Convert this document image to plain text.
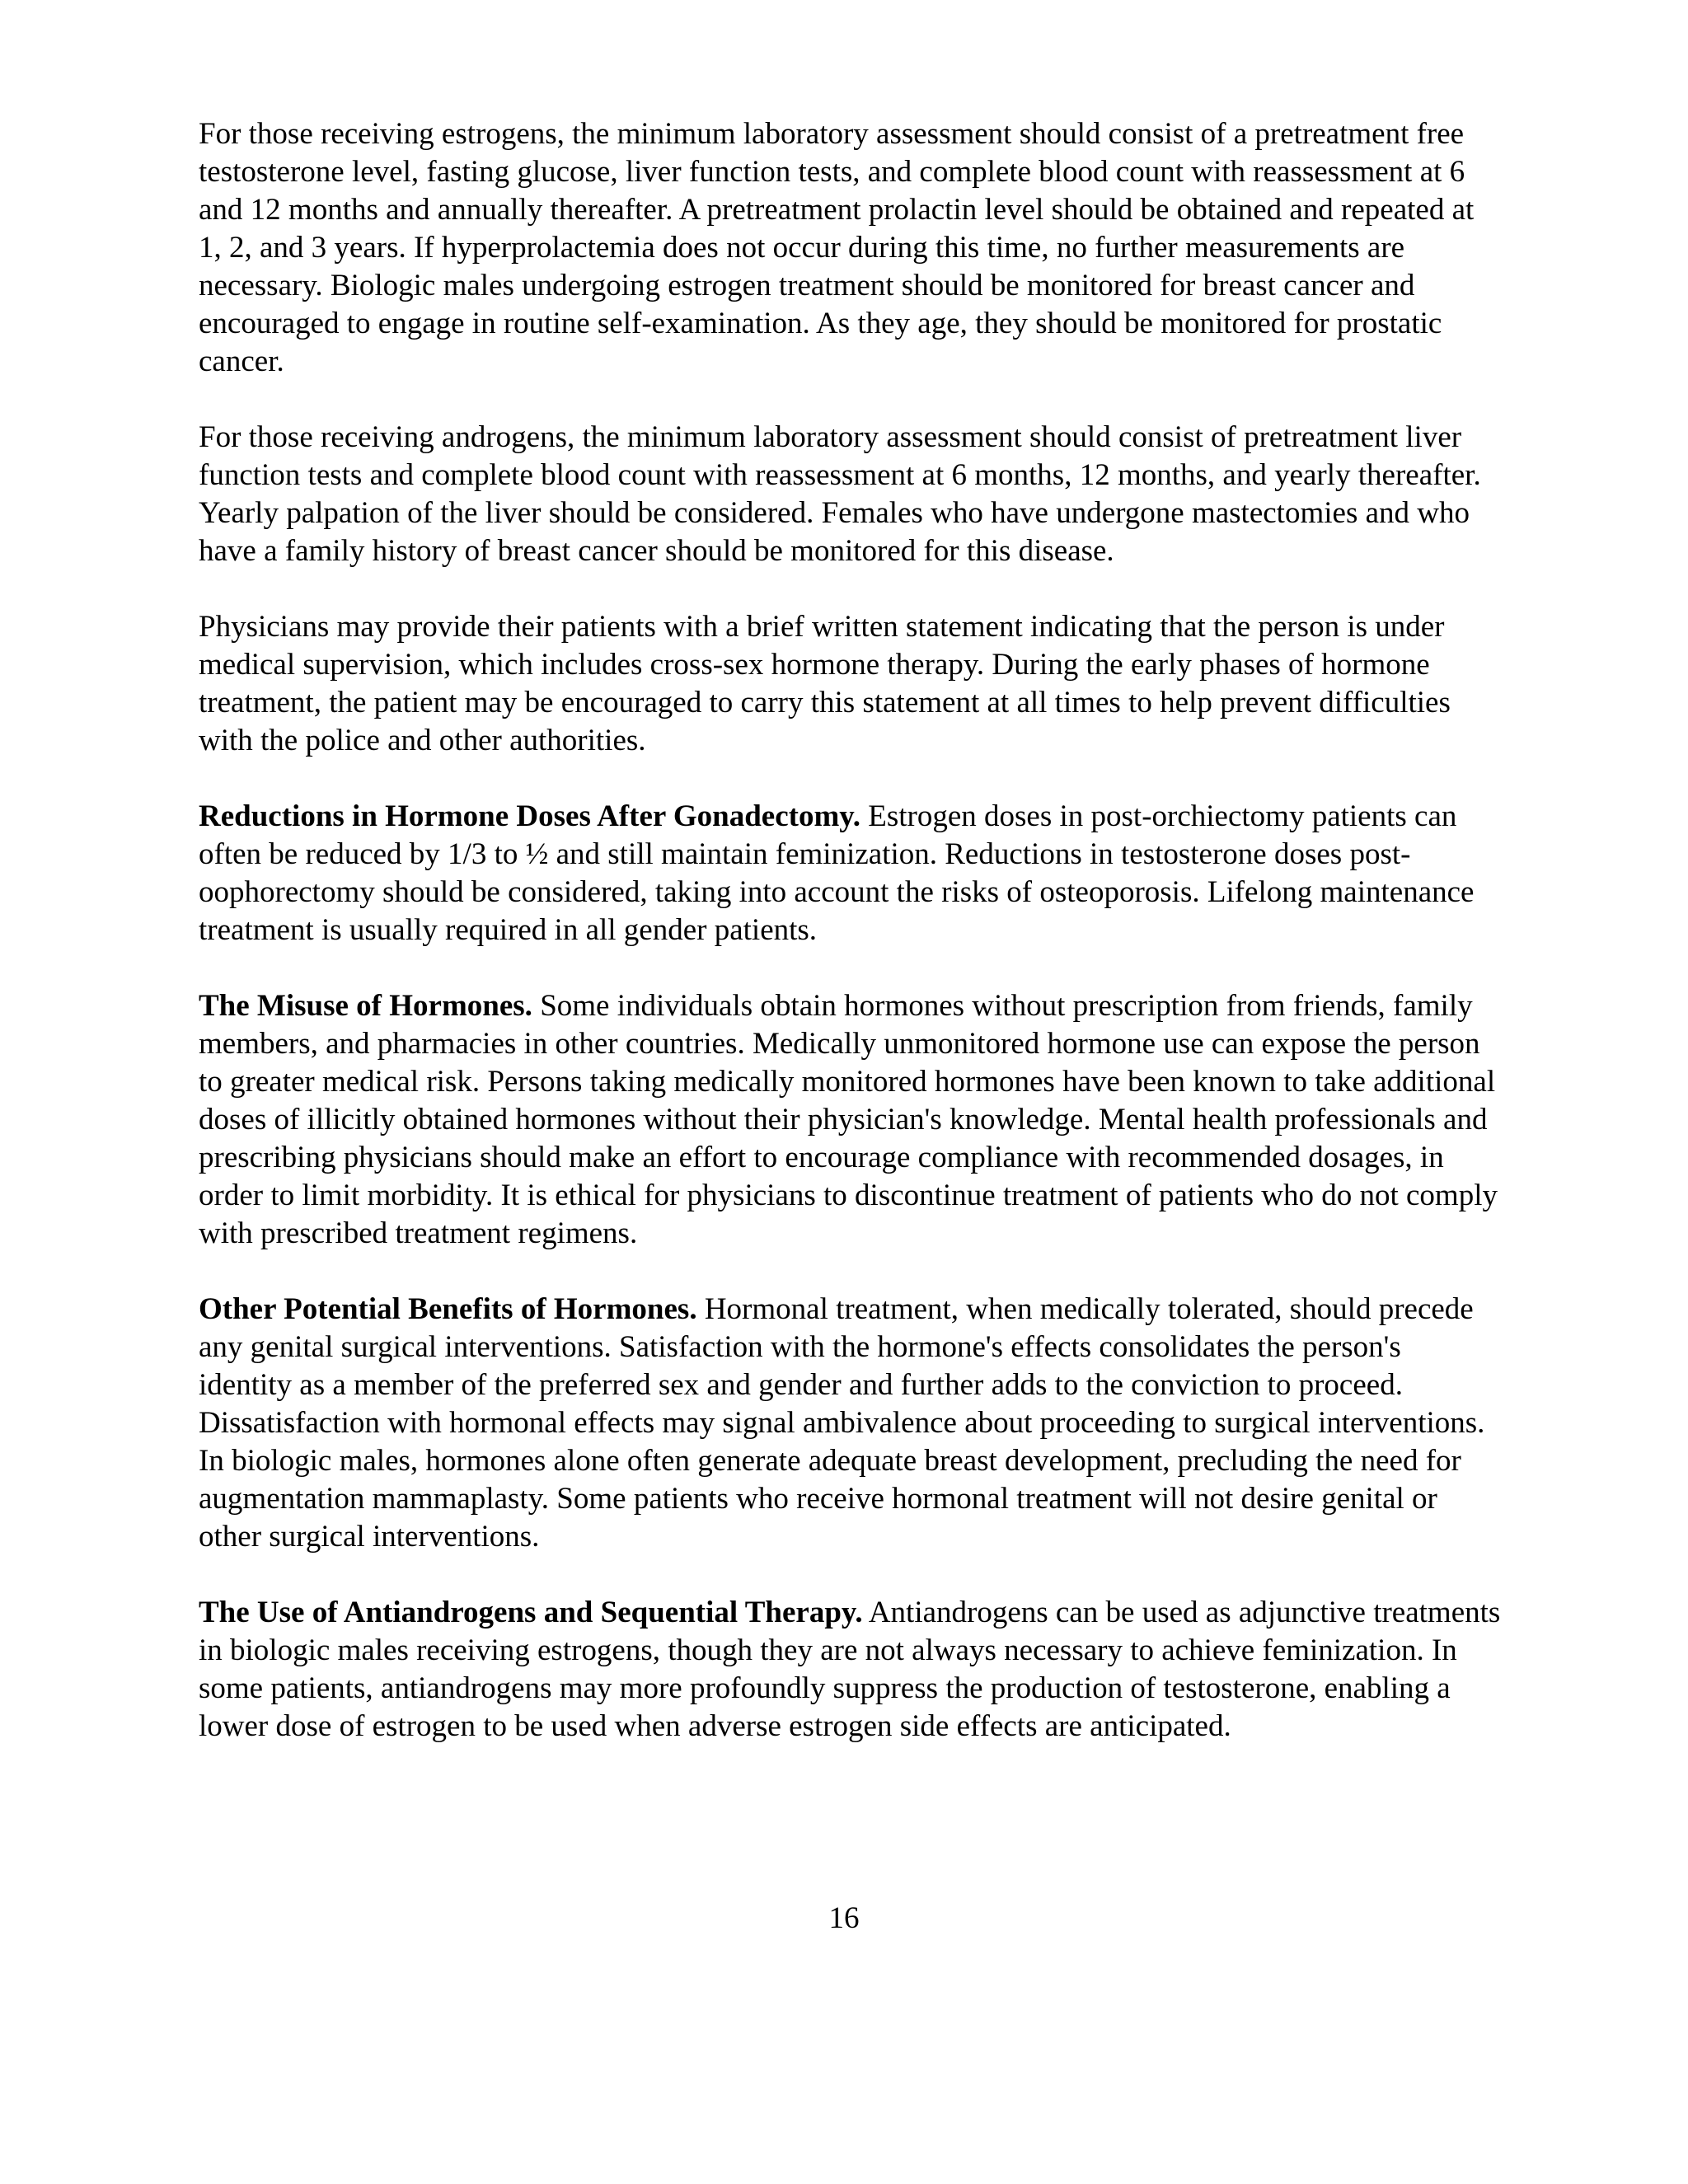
For those receiving estrogens, the minimum laboratory assessment should consist of a pretreatment free testosterone level, fasting glucose, liver function tests, and complete blood count with reassessment at 6 and 12 months and annually thereafter. A pretreatment prolactin level should be obtained and repeated at 1, 2, and 3 years. If hyperprolactemia does not occur during this time, no further measurements are necessary. Biologic males undergoing estrogen treatment should be monitored for breast cancer and encouraged to engage in routine self-examination. As they age, they should be monitored for prostatic cancer.

For those receiving androgens, the minimum laboratory assessment should consist of pretreatment liver function tests and complete blood count with reassessment at 6 months, 12 months, and yearly thereafter. Yearly palpation of the liver should be considered. Females who have undergone mastectomies and who have a family history of breast cancer should be monitored for this disease.

Physicians may provide their patients with a brief written statement indicating that the person is under medical supervision, which includes cross-sex hormone therapy. During the early phases of hormone treatment, the patient may be encouraged to carry this statement at all times to help prevent difficulties with the police and other authorities.

Reductions in Hormone Doses After Gonadectomy. Estrogen doses in post-orchiectomy patients can often be reduced by 1/3 to ½ and still maintain feminization. Reductions in testosterone doses post-oophorectomy should be considered, taking into account the risks of osteoporosis. Lifelong maintenance treatment is usually required in all gender patients.

The Misuse of Hormones. Some individuals obtain hormones without prescription from friends, family members, and pharmacies in other countries. Medically unmonitored hormone use can expose the person to greater medical risk. Persons taking medically monitored hormones have been known to take additional doses of illicitly obtained hormones without their physician's knowledge. Mental health professionals and prescribing physicians should make an effort to encourage compliance with recommended dosages, in order to limit morbidity. It is ethical for physicians to discontinue treatment of patients who do not comply with prescribed treatment regimens.

Other Potential Benefits of Hormones. Hormonal treatment, when medically tolerated, should precede any genital surgical interventions. Satisfaction with the hormone's effects consolidates the person's identity as a member of the preferred sex and gender and further adds to the conviction to proceed. Dissatisfaction with hormonal effects may signal ambivalence about proceeding to surgical interventions. In biologic males, hormones alone often generate adequate breast development, precluding the need for augmentation mammaplasty. Some patients who receive hormonal treatment will not desire genital or other surgical interventions.

The Use of Antiandrogens and Sequential Therapy. Antiandrogens can be used as adjunctive treatments in biologic males receiving estrogens, though they are not always necessary to achieve feminization. In some patients, antiandrogens may more profoundly suppress the production of testosterone, enabling a lower dose of estrogen to be used when adverse estrogen side effects are anticipated.

16
